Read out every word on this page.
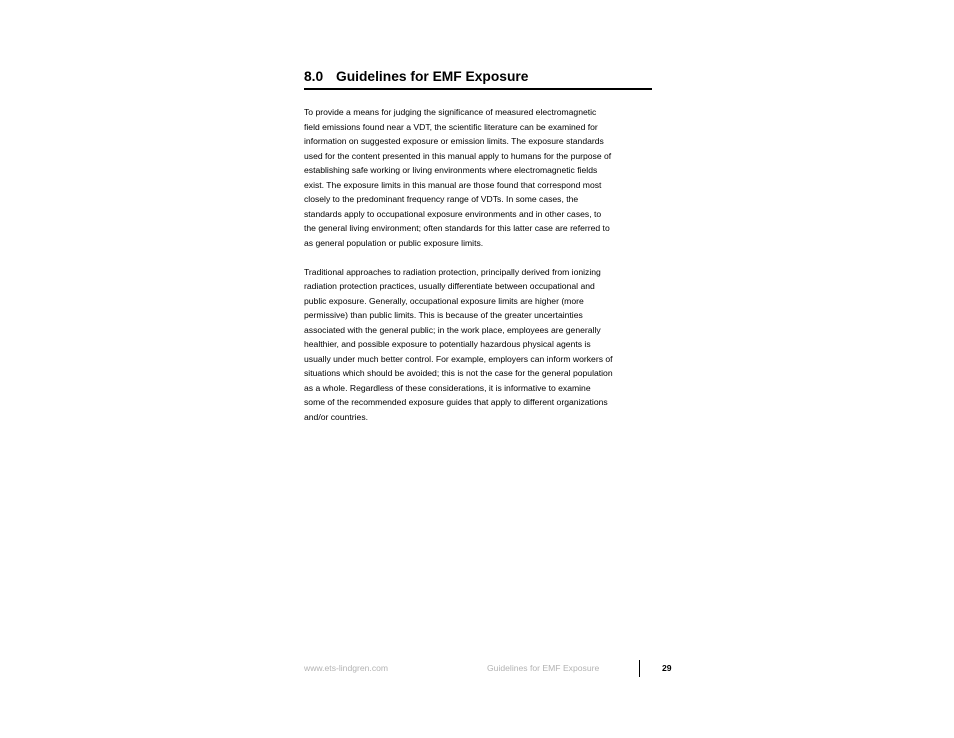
8.0 Guidelines for EMF Exposure

To provide a means for judging the significance of measured electromagnetic
field emissions found near a VDT, the scientific literature can be examined for
information on suggested exposure or emission limits. The exposure standards
used for the content presented in this manual apply to humans for the purpose of
establishing safe working or living environments where electromagnetic fields
exist. The exposure limits in this manual are those found that correspond most
closely to the predominant frequency range of VDTs. In some cases, the
standards apply to occupational exposure environments and in other cases, to
the general living environment; often standards for this latter case are referred to
as general population or public exposure limits.

Traditional approaches to radiation protection, principally derived from ionizing
radiation protection practices, usually differentiate between occupational and
public exposure. Generally, occupational exposure limits are higher (more
permissive) than public limits. This is because of the greater uncertainties
associated with the general public; in the work place, employees are generally
healthier, and possible exposure to potentially hazardous physical agents is
usually under much better control. For example, employers can inform workers of
situations which should be avoided; this is not the case for the general population
as a whole. Regardless of these considerations, it is informative to examine
some of the recommended exposure guides that apply to different organizations
and/or countries.

www.ets-lindgren.com	Guidelines for EMF Exposure	29
